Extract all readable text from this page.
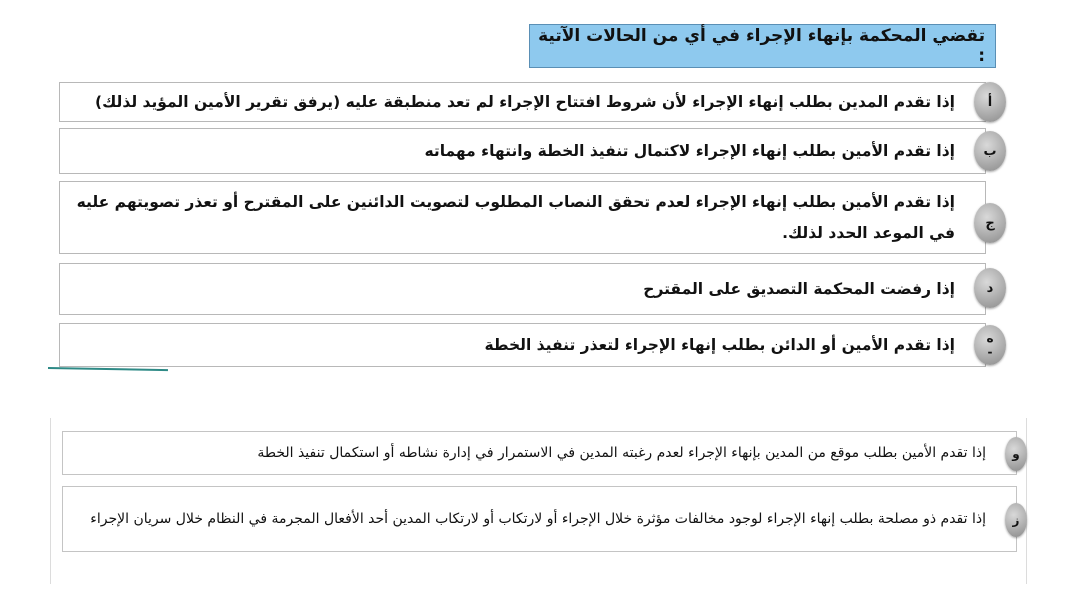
تقضي المحكمة بإنهاء الإجراء في أي من الحالات الآتية :
إذا تقدم المدين بطلب إنهاء الإجراء لأن شروط افتتاح الإجراء لم تعد منطبقة عليه (يرفق تقرير الأمين المؤيد لذلك)	أ
إذا تقدم الأمين بطلب إنهاء الإجراء لاكتمال تنفيذ الخطة وانتهاء مهماته ب
إذا تقدم الأمين بطلب إنهاء الإجراء لعدم تحقق النصاب المطلوب لتصويت الدائنين على المقترح أو تعذر تصويتهم عليه في الموعد الحدد لذلك.
ج
إذا رفضت المحكمة التصديق على المقترح د
إذا تقدم الأمين أو الدائن بطلب إنهاء الإجراء لتعذر تنفيذ الخطة	ه
-
إذا تقدم الأمين بطلب موقع من المدين بإنهاء الإجراء لعدم رغبته المدين في الاستمرار في إدارة نشاطه أو استكمال تنفيذ الخطة و
إذا تقدم ذو مصلحة بطلب إنهاء الإجراء لوجود مخالفات مؤثرة خلال الإجراء أو لارتكاب أو لارتكاب المدين أحد الأفعال المجرمة في النظام خلال سريان الإجراء ز
